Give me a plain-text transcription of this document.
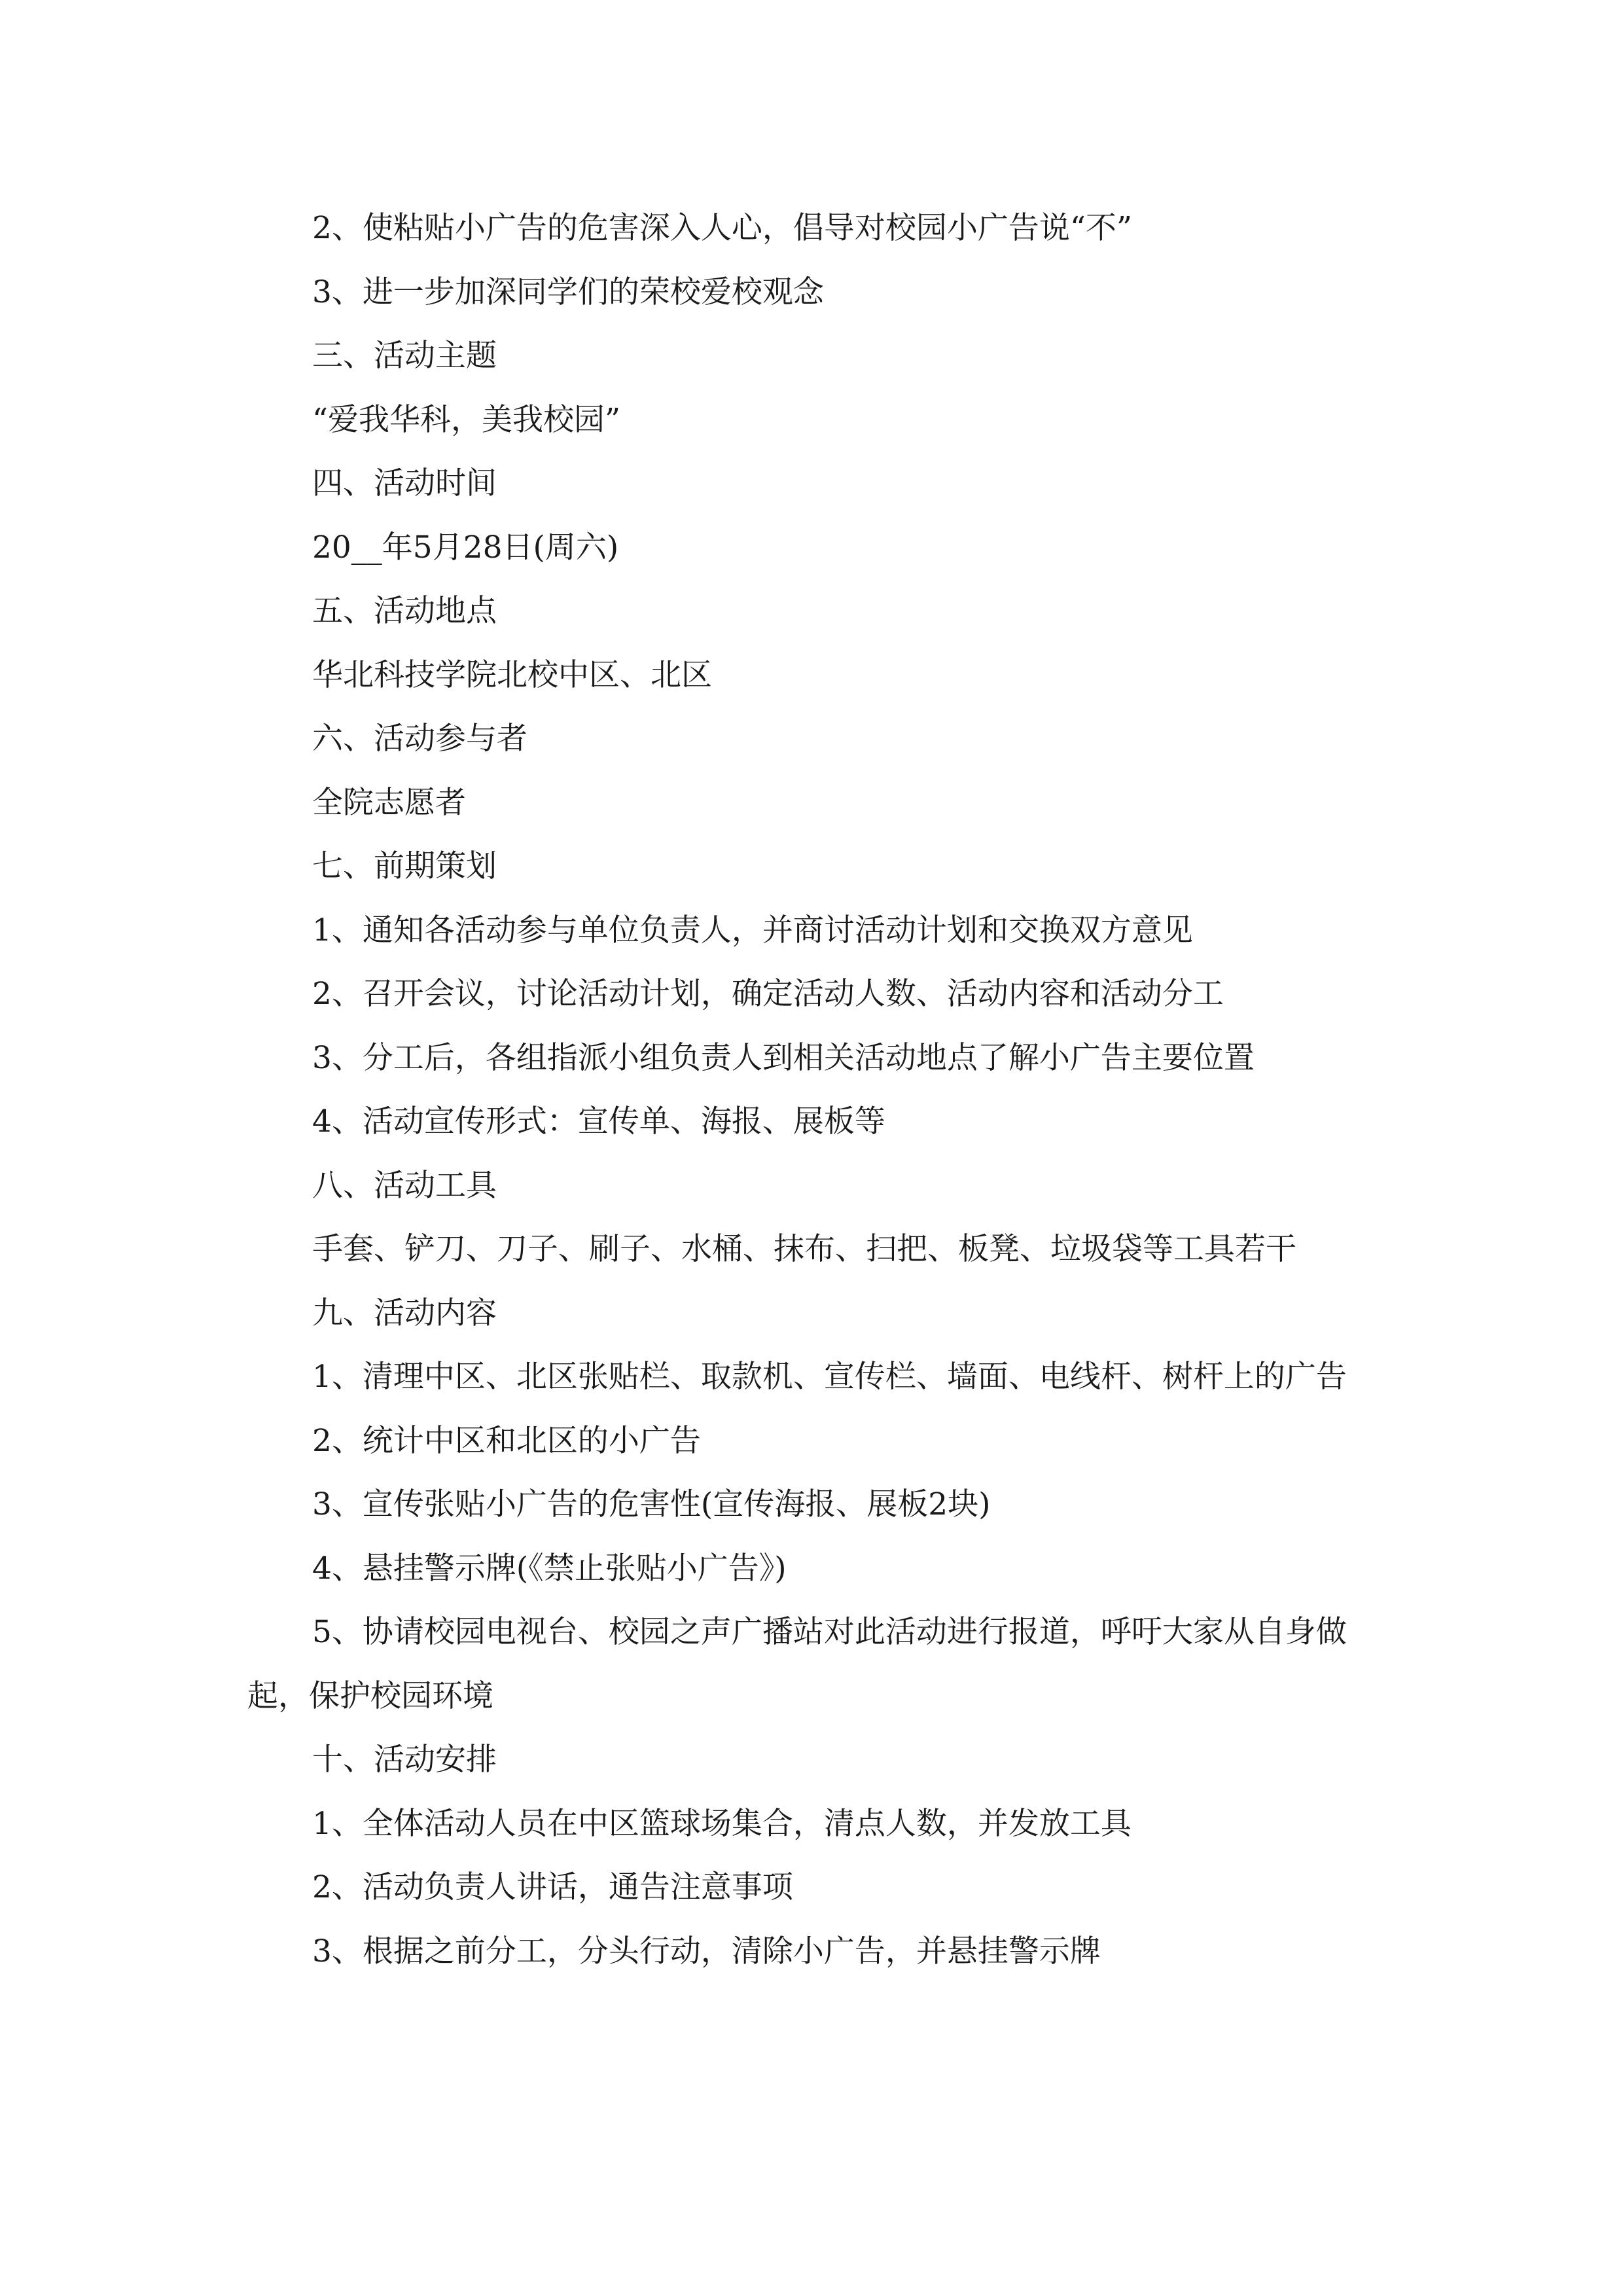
2、使粘贴小广告的危害深入人心，倡导对校园小广告说“不”

3、进一步加深同学们的荣校爱校观念

三、活动主题

“爱我华科，美我校园”

四、活动时间

20__年5月28日(周六)

五、活动地点

华北科技学院北校中区、北区

六、活动参与者

全院志愿者

七、前期策划

1、通知各活动参与单位负责人，并商讨活动计划和交换双方意见

2、召开会议，讨论活动计划，确定活动人数、活动内容和活动分工

3、分工后，各组指派小组负责人到相关活动地点了解小广告主要位置

4、活动宣传形式：宣传单、海报、展板等

八、活动工具

手套、铲刀、刀子、刷子、水桶、抹布、扫把、板凳、垃圾袋等工具若干

九、活动内容

1、清理中区、北区张贴栏、取款机、宣传栏、墙面、电线杆、树杆上的广告

2、统计中区和北区的小广告

3、宣传张贴小广告的危害性(宣传海报、展板2块)

4、悬挂警示牌(《禁止张贴小广告》)

5、协请校园电视台、校园之声广播站对此活动进行报道，呼吁大家从自身做起，保护校园环境

十、活动安排

1、全体活动人员在中区篮球场集合，清点人数，并发放工具

2、活动负责人讲话，通告注意事项

3、根据之前分工，分头行动，清除小广告，并悬挂警示牌
